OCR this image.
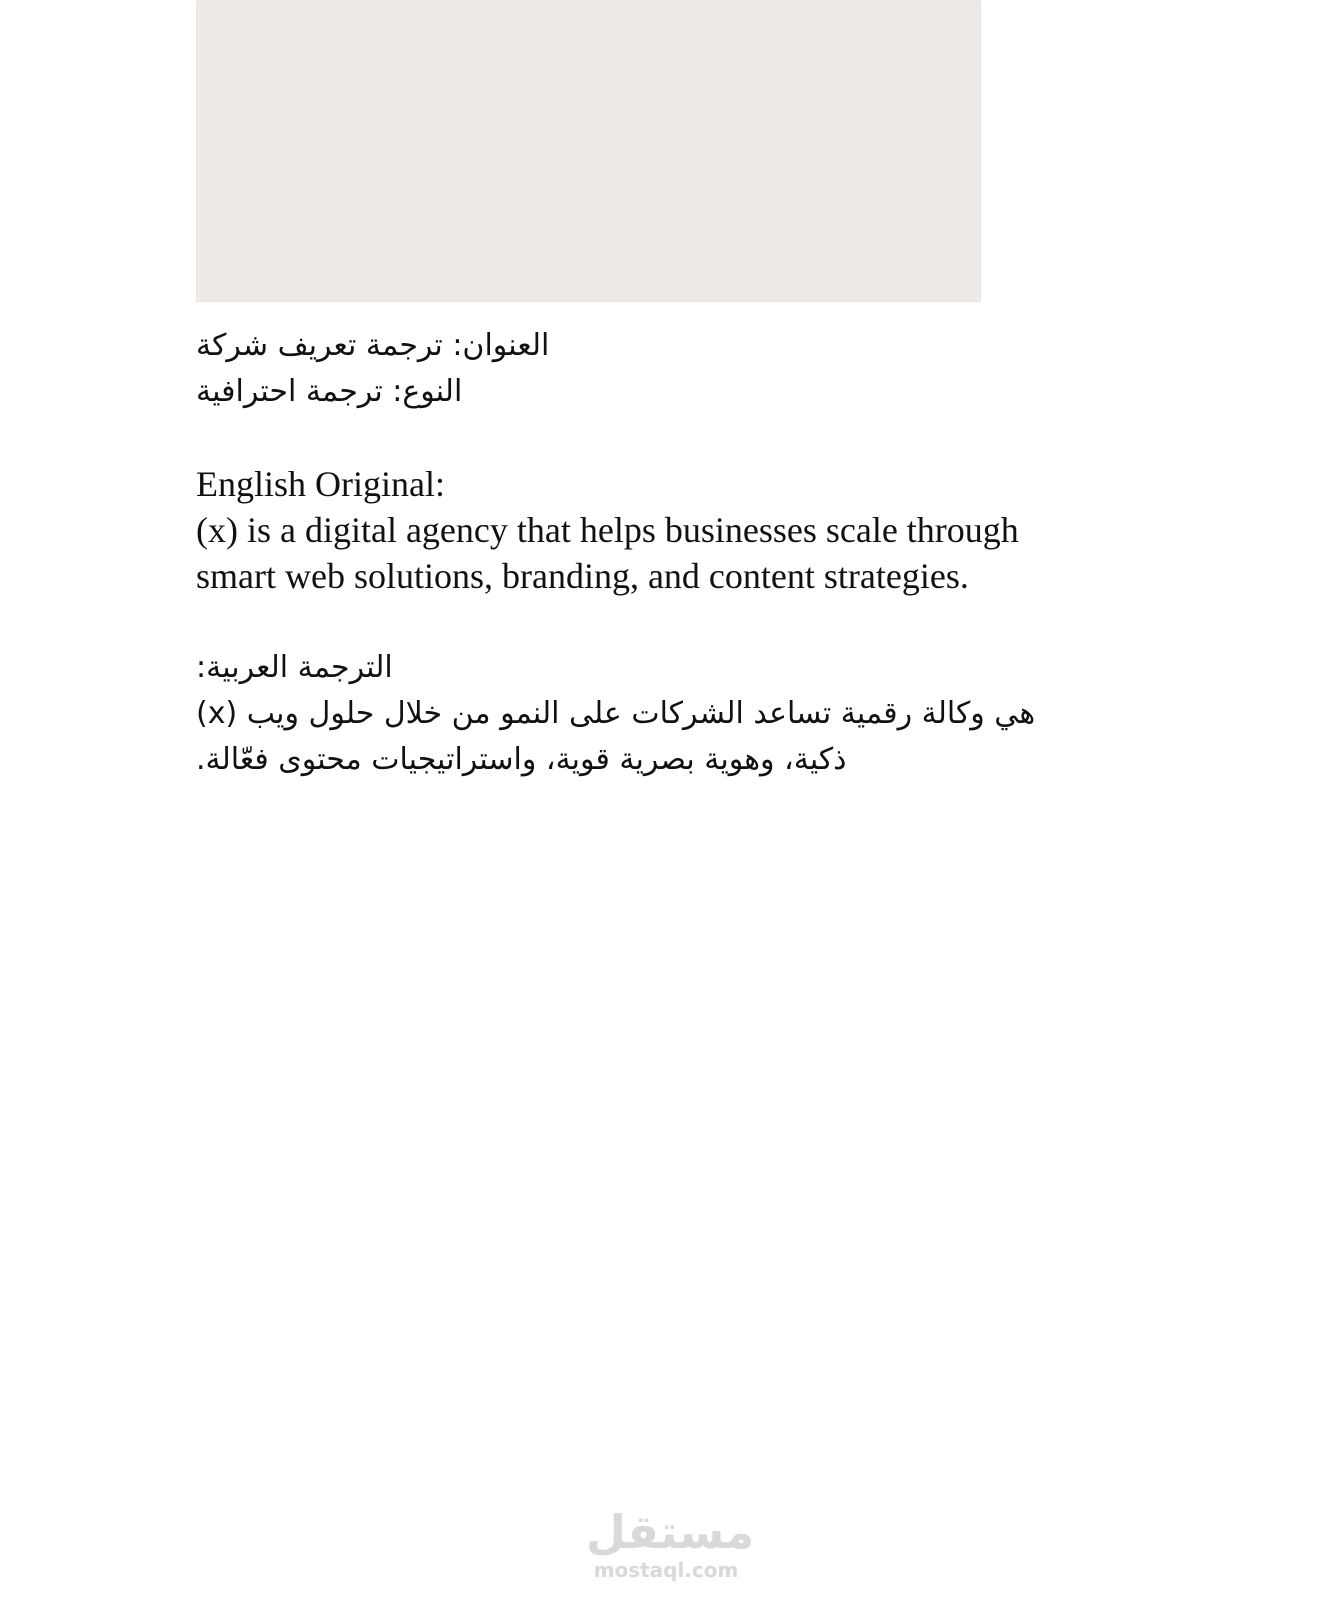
العنوان: ترجمة تعريف شركة
النوع: ترجمة احترافية
English Original:
(x) is a digital agency that helps businesses scale through
smart web solutions, branding, and content strategies.
الترجمة العربية:
هي وكالة رقمية تساعد الشركات على النمو من خلال حلول ويب (x)
ذكية، وهوية بصرية قوية، واستراتيجيات محتوى فعّالة.
مستقل
mostaql.com
